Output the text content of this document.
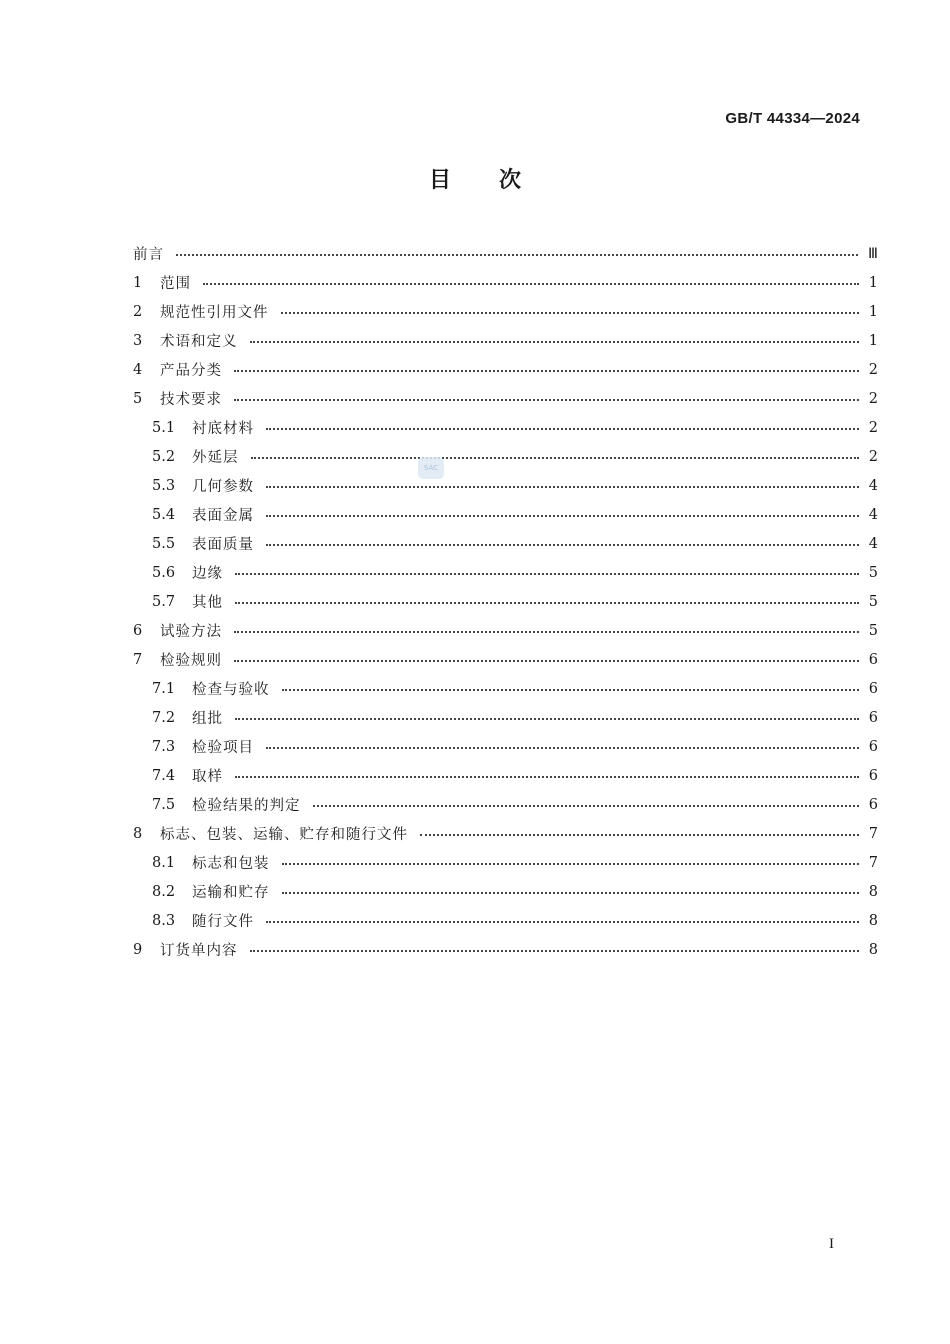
GB/T 44334—2024
目次
前言	Ⅲ
1	范围	1
2	规范性引用文件	1
3	术语和定义	1
4	产品分类	2
5	技术要求	2
5.1	衬底材料	2
5.2	外延层	2
5.3	几何参数	4
5.4	表面金属	4
5.5	表面质量	4
5.6	边缘	5
5.7	其他	5
6	试验方法	5
7	检验规则	6
7.1	检查与验收	6
7.2	组批	6
7.3	检验项目	6
7.4	取样	6
7.5	检验结果的判定	6
8	标志、包装、运输、贮存和随行文件	7
8.1	标志和包装	7
8.2	运输和贮存	8
8.3	随行文件	8
9	订货单内容	8
SAC
I
